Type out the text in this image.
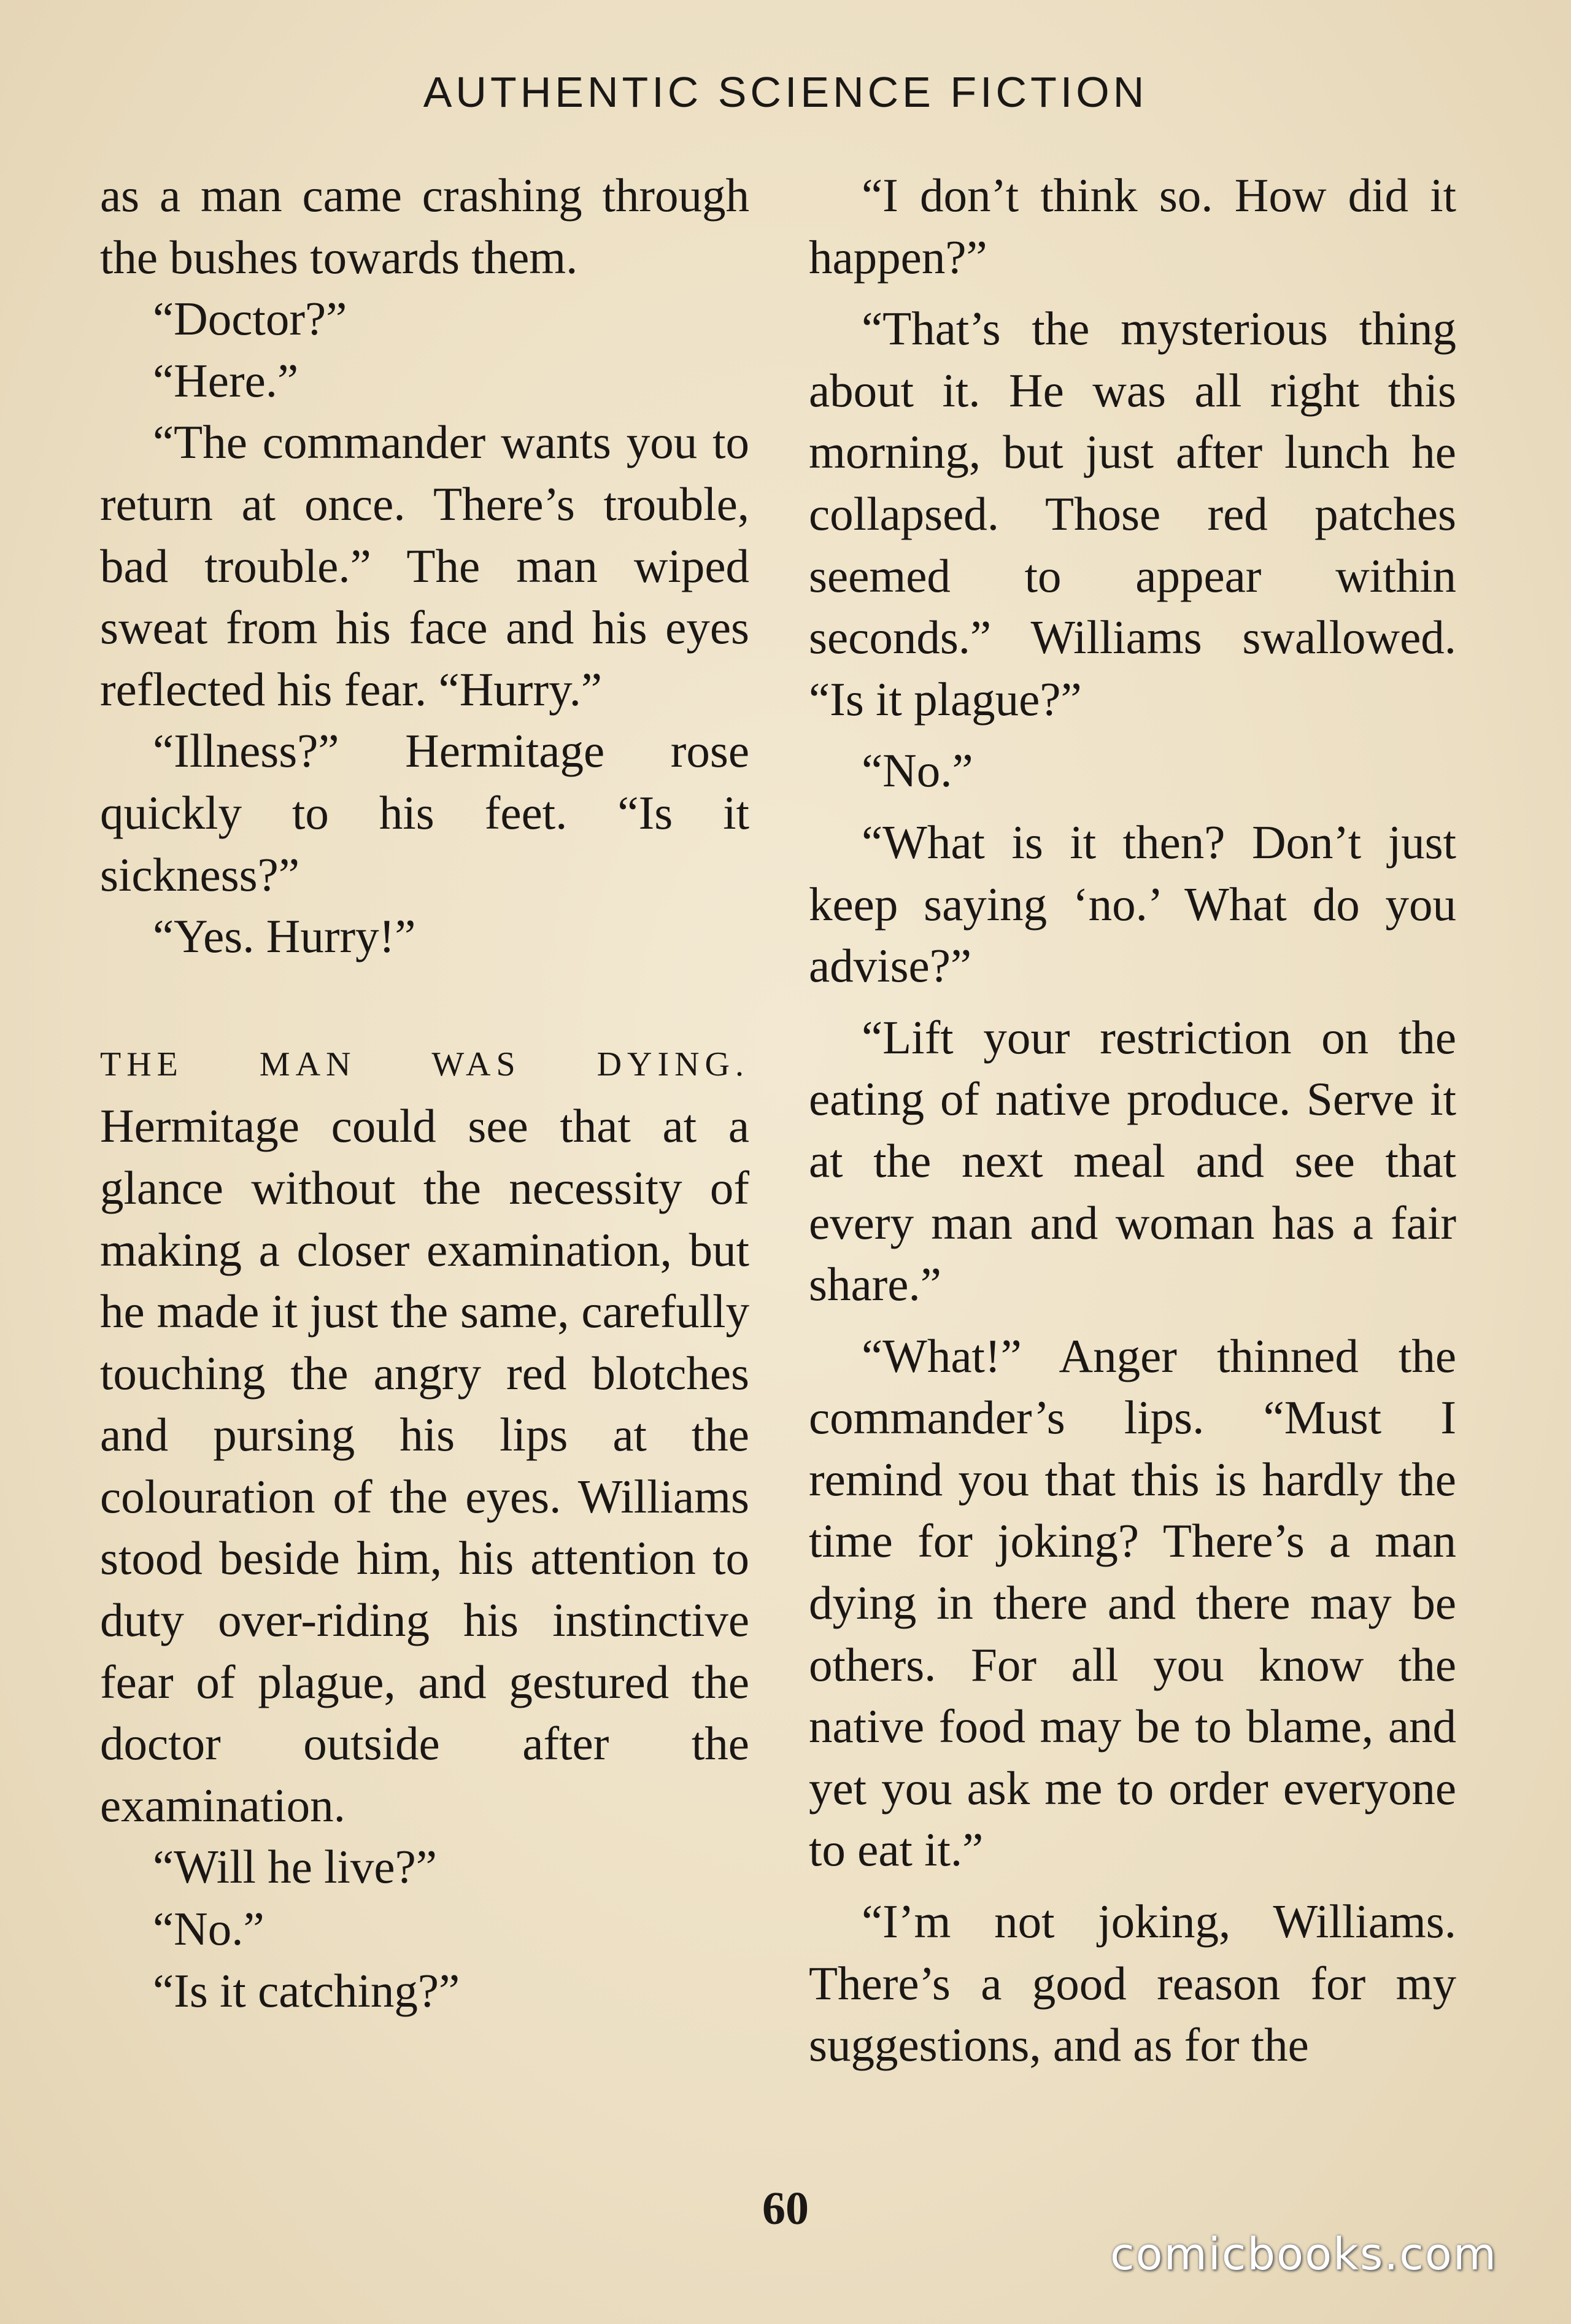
AUTHENTIC SCIENCE FICTION

as a man came crashing through the bushes towards them.

“Doctor?”

“Here.”

“The commander wants you to return at once. There’s trouble, bad trouble.” The man wiped sweat from his face and his eyes reflected his fear. “Hurry.”

“Illness?” Hermitage rose quickly to his feet. “Is it sickness?”

“Yes. Hurry!”

THE MAN WAS DYING. Hermitage could see that at a glance without the necessity of making a closer examination, but he made it just the same, carefully touching the angry red blotches and pursing his lips at the colouration of the eyes. Williams stood beside him, his attention to duty over-riding his instinctive fear of plague, and gestured the doctor outside after the examination.

“Will he live?”

“No.”

“Is it catching?”

“I don’t think so. How did it happen?”

“That’s the mysterious thing about it. He was all right this morning, but just after lunch he collapsed. Those red patches seemed to appear within seconds.” Williams swallowed. “Is it plague?”

“No.”

“What is it then? Don’t just keep saying ‘no.’ What do you advise?”

“Lift your restriction on the eating of native produce. Serve it at the next meal and see that every man and woman has a fair share.”

“What!” Anger thinned the commander’s lips. “Must I remind you that this is hardly the time for joking? There’s a man dying in there and there may be others. For all you know the native food may be to blame, and yet you ask me to order everyone to eat it.”

“I’m not joking, Williams. There’s a good reason for my suggestions, and as for the

60
comicbooks.com
